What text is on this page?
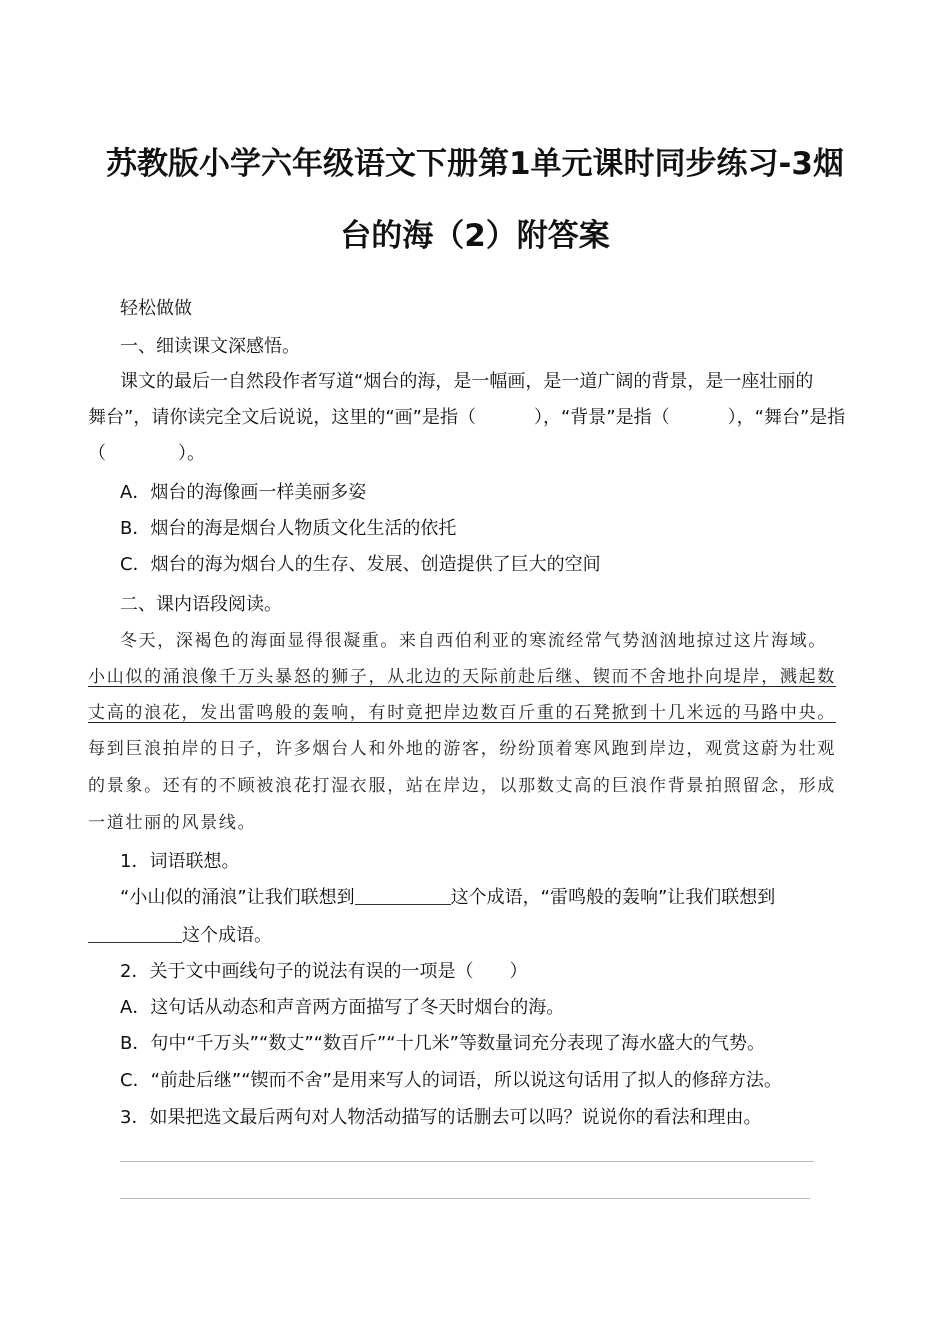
苏教版小学六年级语文下册第1单元课时同步练习-3烟
台的海（2）附答案
轻松做做
一、细读课文深感悟。
课文的最后一自然段作者写道“烟台的海，是一幅画，是一道广阔的背景，是一座壮丽的
舞台”，请你读完全文后说说，这里的“画”是指（	），“背景”是指（	），“舞台”是指
（	）。
A．烟台的海像画一样美丽多姿
B．烟台的海是烟台人物质文化生活的依托
C．烟台的海为烟台人的生存、发展、创造提供了巨大的空间
二、课内语段阅读。
冬天，深褐色的海面显得很凝重。来自西伯利亚的寒流经常气势汹汹地掠过这片海域。
小山似的涌浪像千万头暴怒的狮子，从北边的天际前赴后继、锲而不舍地扑向堤岸，溅起数
丈高的浪花，发出雷鸣般的轰响，有时竟把岸边数百斤重的石凳掀到十几米远的马路中央。
每到巨浪拍岸的日子，许多烟台人和外地的游客，纷纷顶着寒风跑到岸边，观赏这蔚为壮观
的景象。还有的不顾被浪花打湿衣服，站在岸边，以那数丈高的巨浪作背景拍照留念，形成
一道壮丽的风景线。
1．词语联想。
“小山似的涌浪”让我们联想到	这个成语，“雷鸣般的轰响”让我们联想到
这个成语。
2．关于文中画线句子的说法有误的一项是（　　）
A．这句话从动态和声音两方面描写了冬天时烟台的海。
B．句中“千万头”“数丈”“数百斤”“十几米”等数量词充分表现了海水盛大的气势。
C．“前赴后继”“锲而不舍”是用来写人的词语，所以说这句话用了拟人的修辞方法。
3．如果把选文最后两句对人物活动描写的话删去可以吗？说说你的看法和理由。
